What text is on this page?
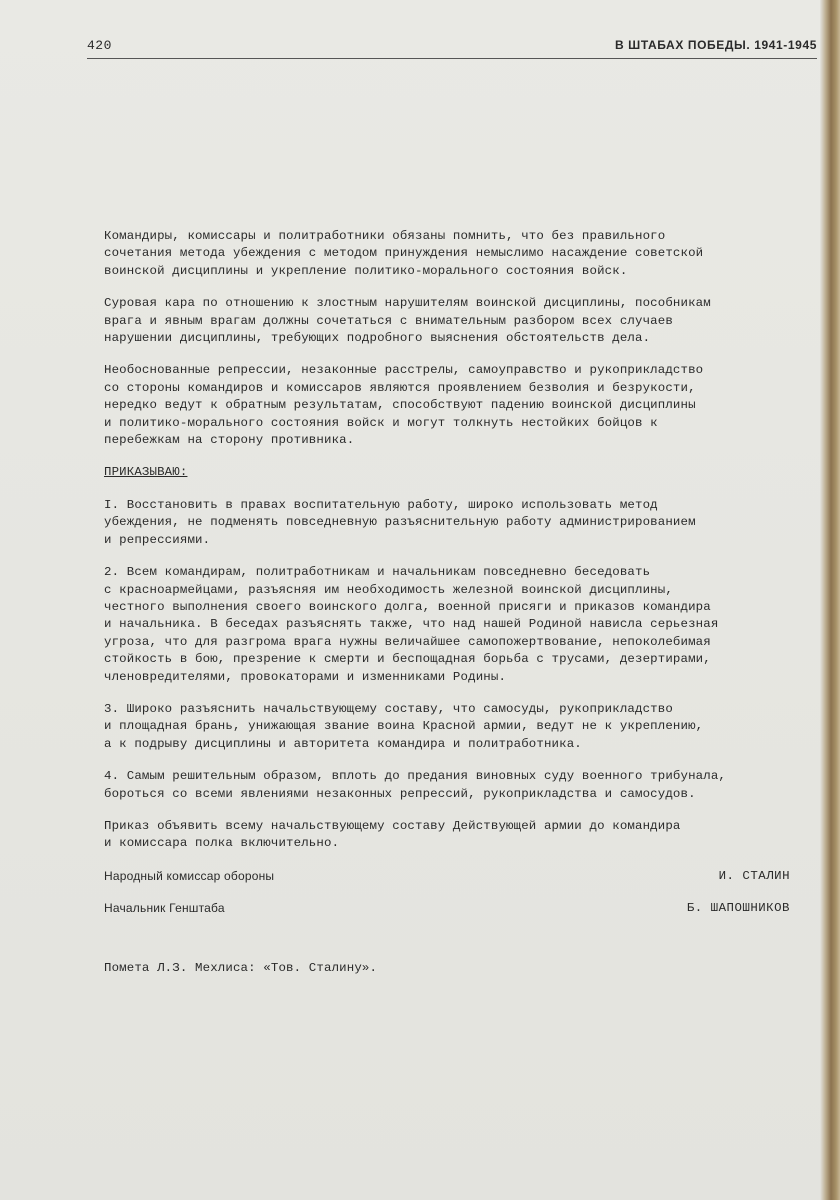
420	В ШТАБАХ ПОБЕДЫ. 1941-1945

Командиры, комиссары и политработники обязаны помнить, что без правильного
сочетания метода убеждения с методом принуждения немыслимо насаждение советской
воинской дисциплины и укрепление политико-морального состояния войск.

Суровая кара по отношению к злостным нарушителям воинской дисциплины, пособникам
врага и явным врагам должны сочетаться с внимательным разбором всех случаев
нарушении дисциплины, требующих подробного выяснения обстоятельств дела.

Необоснованные репрессии, незаконные расстрелы, самоуправство и рукоприкладство
со стороны командиров и комиссаров являются проявлением безволия и безрукости,
нередко ведут к обратным результатам, способствуют падению воинской дисциплины
и политико-морального состояния войск и могут толкнуть нестойких бойцов к
перебежкам на сторону противника.

ПРИКАЗЫВАЮ:

I. Восстановить в правах воспитательную работу, широко использовать метод
убеждения, не подменять повседневную разъяснительную работу администрированием
и репрессиями.

2. Всем командирам, политработникам и начальникам повседневно беседовать
с красноармейцами, разъясняя им необходимость железной воинской дисциплины,
честного выполнения своего воинского долга, военной присяги и приказов командира
и начальника. В беседах разъяснять также, что над нашей Родиной нависла серьезная
угроза, что для разгрома врага нужны величайшее самопожертвование, непоколебимая
стойкость в бою, презрение к смерти и беспощадная борьба с трусами, дезертирами,
членовредителями, провокаторами и изменниками Родины.

3. Широко разъяснить начальствующему составу, что самосуды, рукоприкладство
и площадная брань, унижающая звание воина Красной армии, ведут не к укреплению,
а к подрыву дисциплины и авторитета командира и политработника.

4. Самым решительным образом, вплоть до предания виновных суду военного трибунала,
бороться со всеми явлениями незаконных репрессий, рукоприкладства и самосудов.

Приказ объявить всему начальствующему составу Действующей армии до командира
и комиссара полка включительно.

Народный комиссар обороны	И. СТАЛИН
Начальник Генштаба	Б. ШАПОШНИКОВ

Помета Л.З. Мехлиса: «Тов. Сталину».
